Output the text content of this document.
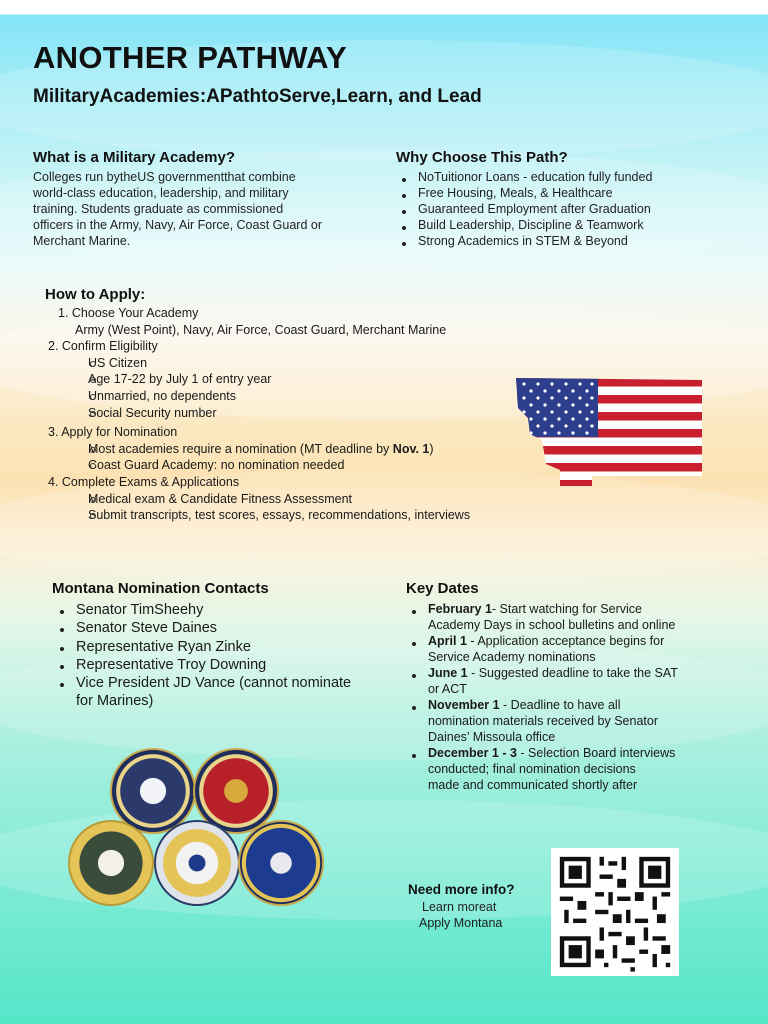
ANOTHER PATHWAY
MilitaryAcademies:APathtoServe,Learn, and Lead
What is a Military Academy?
Colleges run bytheUS governmentthat combine
world-class education, leadership, and military
training. Students graduate as commissioned
officers in the Army, Navy, Air Force, Coast Guard or
Merchant Marine.
Why Choose This Path?
NoTuitionor Loans - education fully funded
Free Housing, Meals, & Healthcare
Guaranteed Employment after Graduation
Build Leadership, Discipline & Teamwork
Strong Academics in STEM & Beyond
How to Apply:
1. Choose Your Academy
Army (West Point), Navy, Air Force, Coast Guard, Merchant Marine
2. Confirm Eligibility
US Citizen
Age 17-22 by July 1 of entry year
Unmarried, no dependents
Social Security number
3. Apply for Nomination
Most academies require a nomination (MT deadline by Nov. 1)
Coast Guard Academy: no nomination needed
4. Complete Exams & Applications
Medical exam & Candidate Fitness Assessment
Submit transcripts, test scores, essays, recommendations, interviews
Montana Nomination Contacts
Senator TimSheehy
Senator Steve Daines
Representative Ryan Zinke
Representative Troy Downing
Vice President JD Vance (cannot nominate
for Marines)
Key Dates
February 1- Start watching for Service
Academy Days in school bulletins and online
April 1 - Application acceptance begins for
Service Academy nominations
June 1 - Suggested deadline to take the SAT
or ACT
November 1 - Deadline to have all
nomination materials received by Senator
Daines’ Missoula office
December 1 - 3 - Selection Board interviews
conducted; final nomination decisions
made and communicated shortly after
Need more info?
Learn moreat
Apply Montana
